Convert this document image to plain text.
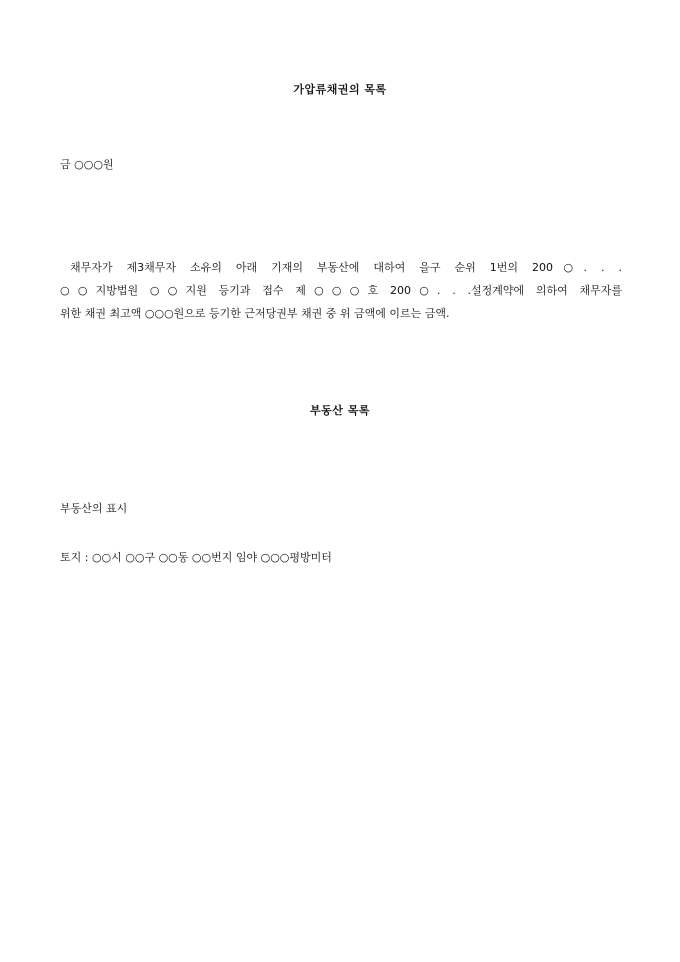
가압류채권의 목록
금 ○○○원
채무자가 제3채무자 소유의 아래 기재의 부동산에 대하여 을구 순위 1번의 200○. . .
○○지방법원 ○○지원 등기과 접수 제○○○호 200○. . .설정계약에 의하여 채무자를
위한 채권 최고액 ○○○원으로 등기한 근저당권부 채권 중 위 금액에 이르는 금액.
부동산 목록
부동산의 표시
토지 : ○○시 ○○구 ○○동 ○○번지 임야 ○○○평방미터
